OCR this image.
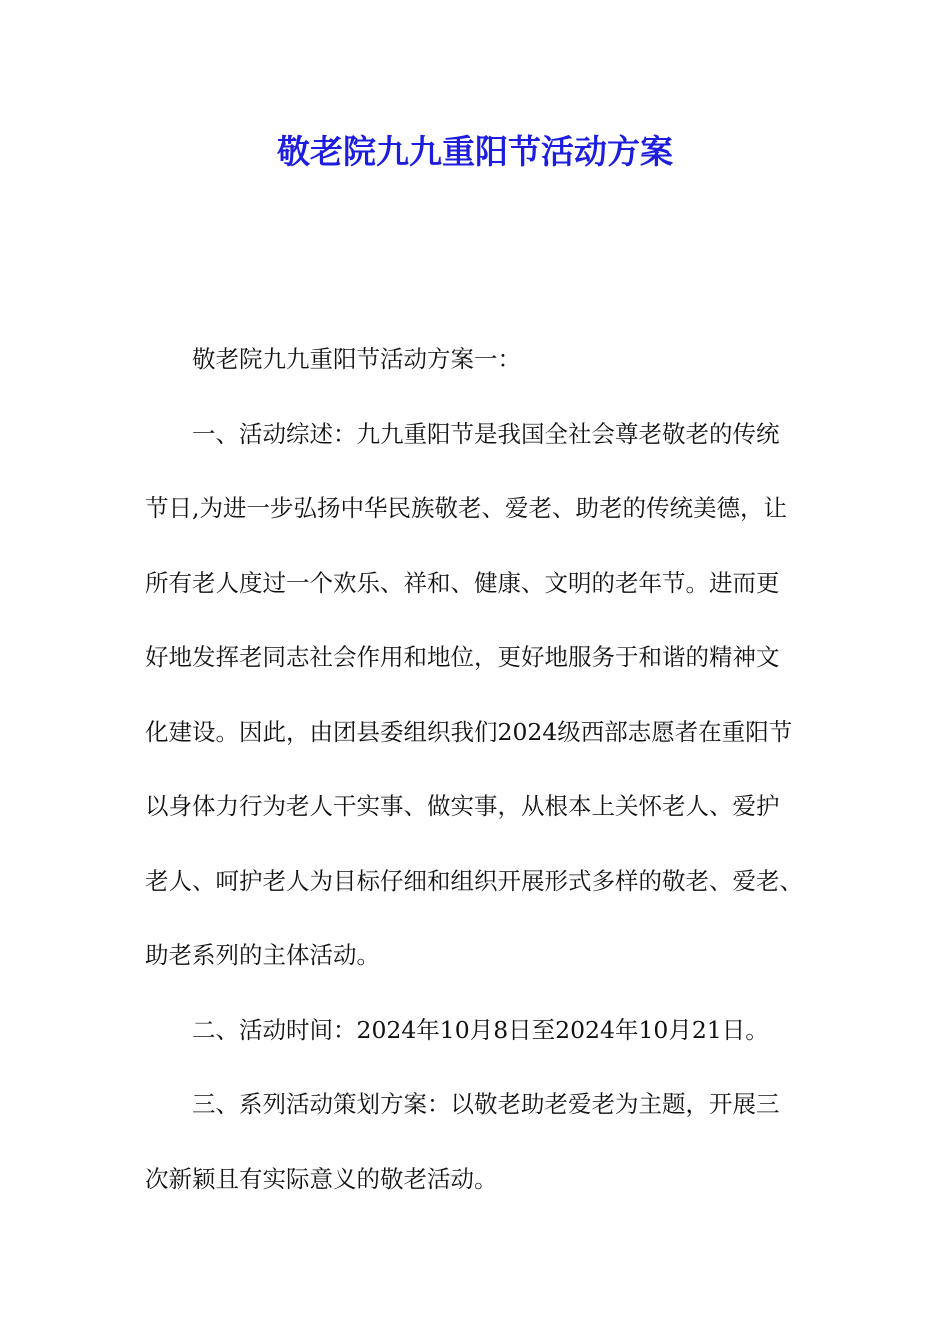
敬老院九九重阳节活动方案
敬老院九九重阳节活动方案一：
一、活动综述：九九重阳节是我国全社会尊老敬老的传统
节日,为进一步弘扬中华民族敬老、爱老、助老的传统美德，让
所有老人度过一个欢乐、祥和、健康、文明的老年节。进而更
好地发挥老同志社会作用和地位，更好地服务于和谐的精神文
化建设。因此，由团县委组织我们2024级西部志愿者在重阳节
以身体力行为老人干实事、做实事，从根本上关怀老人、爱护
老人、呵护老人为目标仔细和组织开展形式多样的敬老、爱老、
助老系列的主体活动。
二、活动时间：2024年10月8日至2024年10月21日。
三、系列活动策划方案：以敬老助老爱老为主题，开展三
次新颖且有实际意义的敬老活动。
